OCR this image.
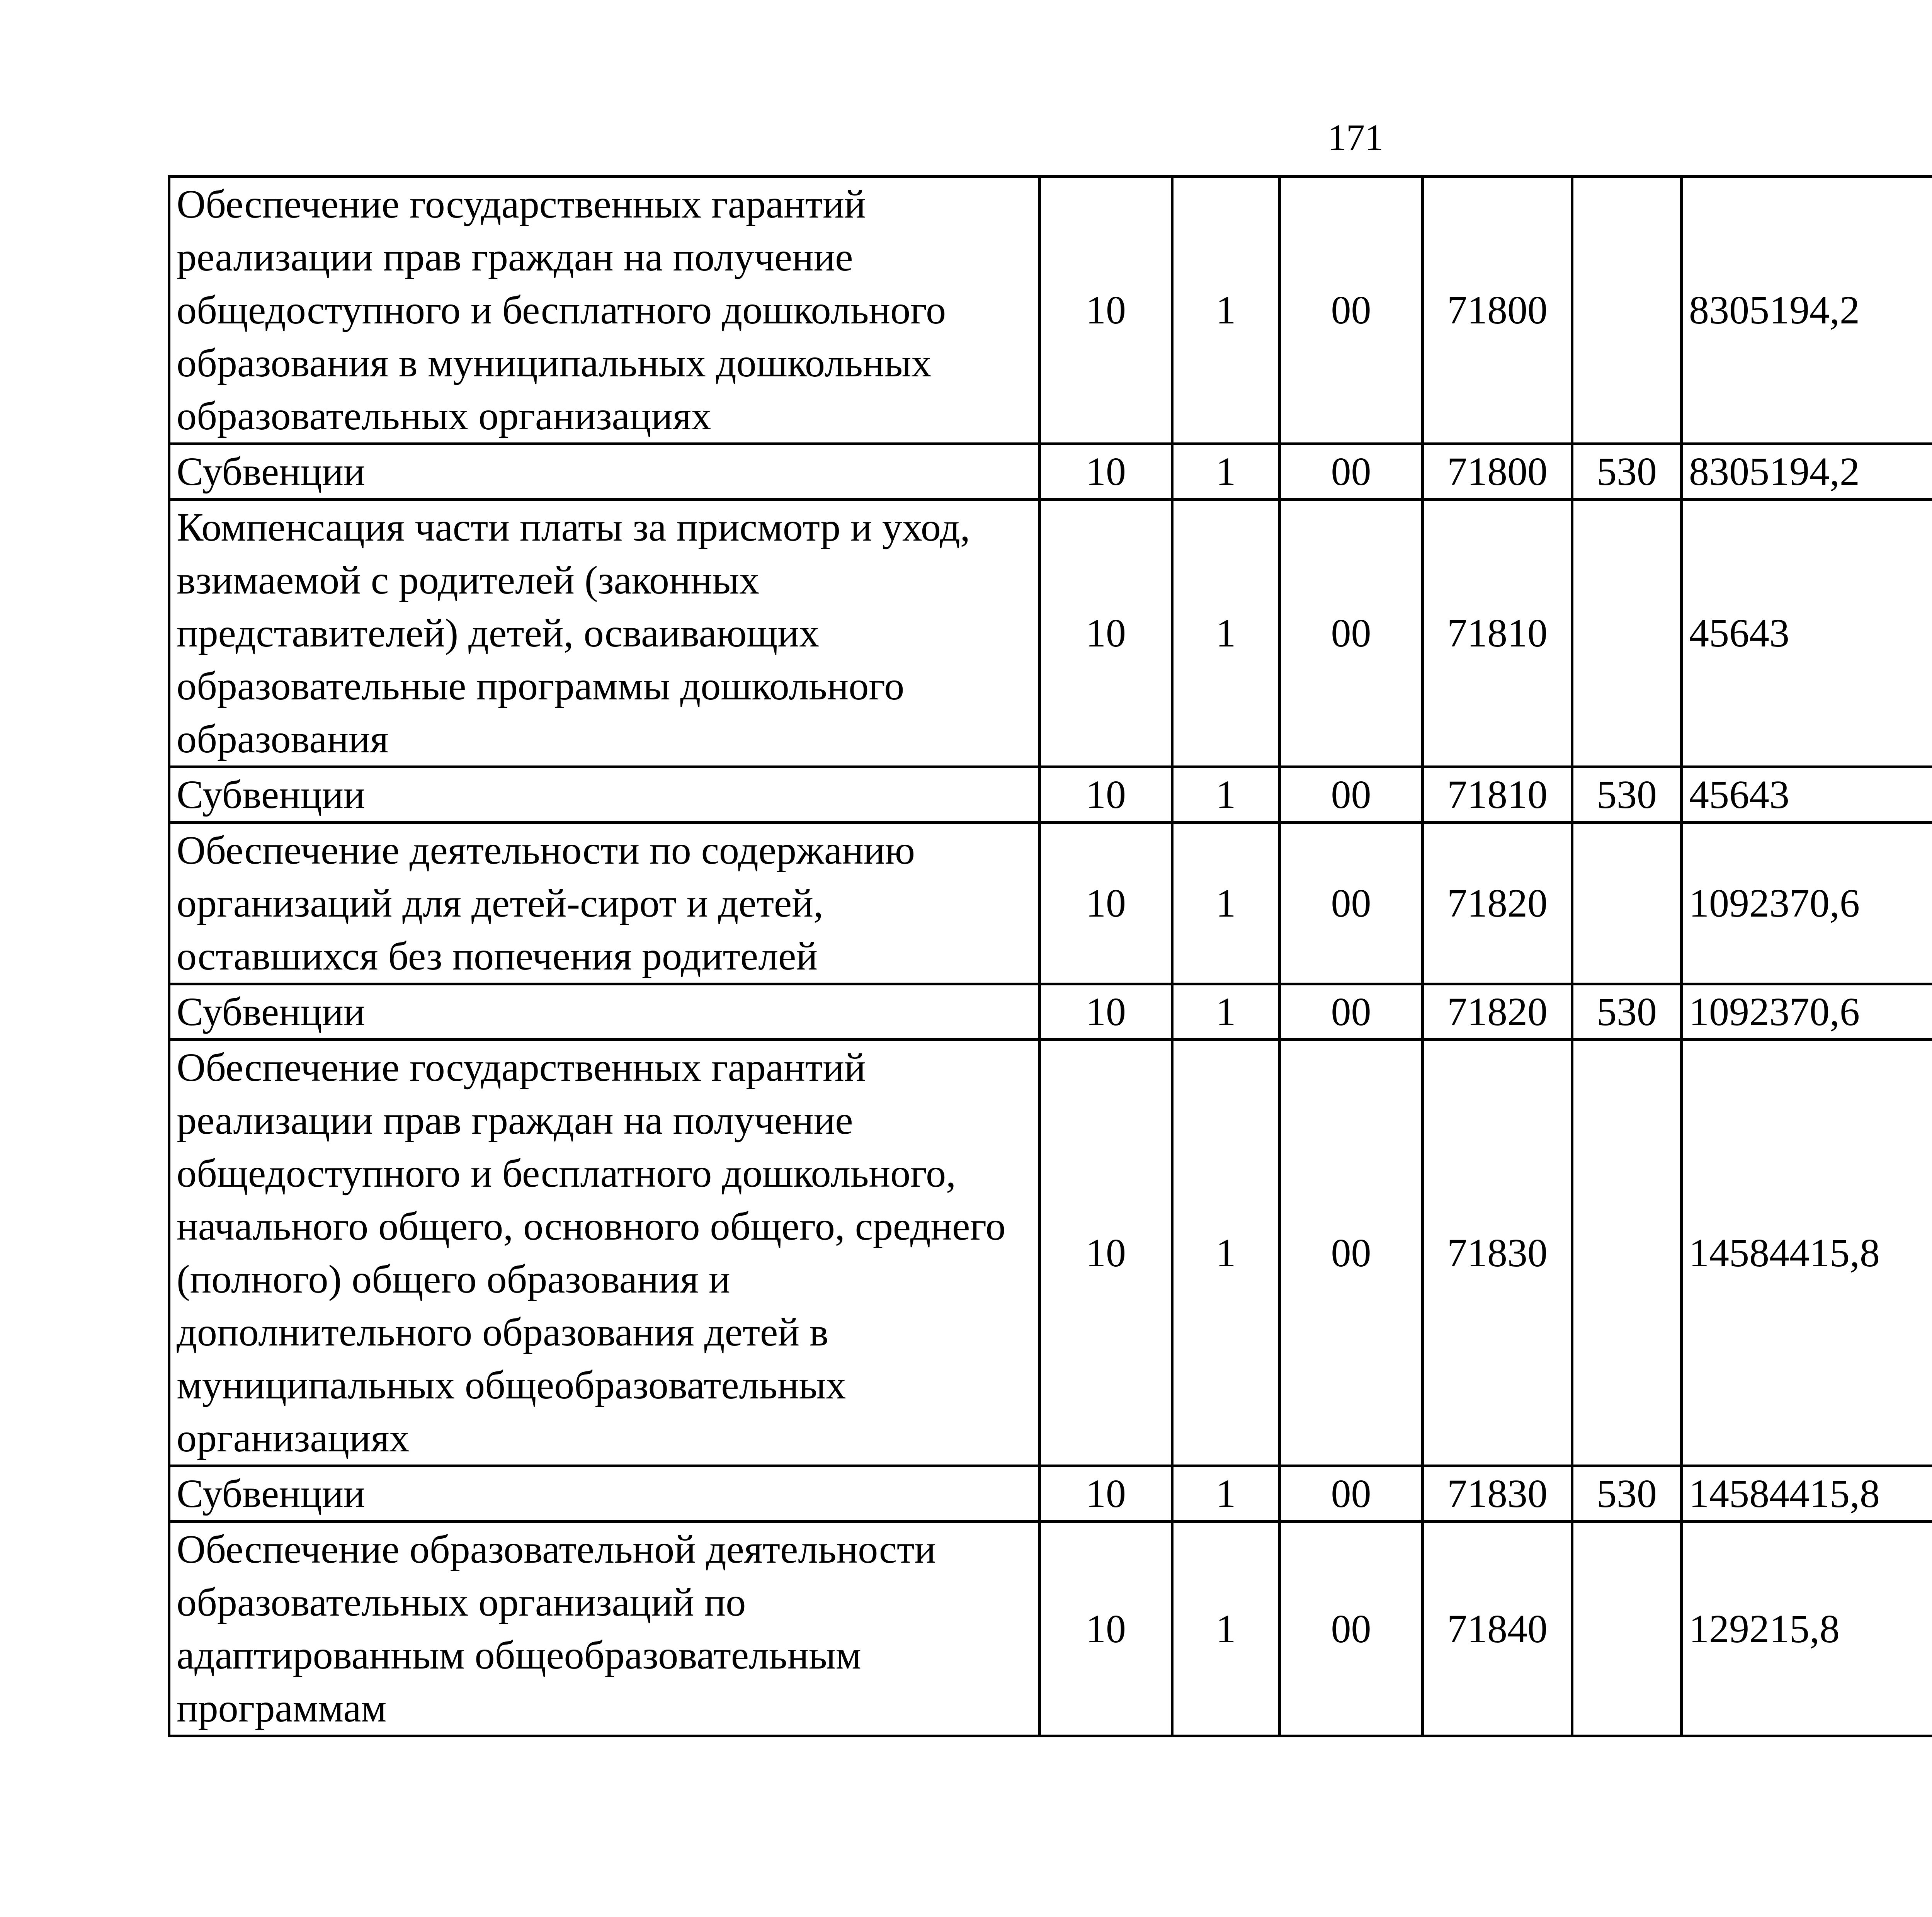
171
Обеспечение государственных гарантий реализации прав граждан на получение общедоступного и бесплатного дошкольного образования в муниципальных дошкольных образовательных организациях	10	1	00	71800		8305194,2		
Субвенции	10	1	00	71800	530	8305194,2		
Компенсация части платы за присмотр и уход, взимаемой с родителей (законных представителей) детей, осваивающих образовательные программы дошкольного образования	10	1	00	71810		45643		
Субвенции	10	1	00	71810	530	45643		
Обеспечение деятельности по содержанию организаций для детей-сирот и детей, оставшихся без попечения родителей	10	1	00	71820		1092370,6		
Субвенции	10	1	00	71820	530	1092370,6		
Обеспечение государственных гарантий реализации прав граждан на получение общедоступного и бесплатного дошкольного, начального общего, основного общего, среднего (полного) общего образования и дополнительного образования детей в муниципальных общеобразовательных организациях	10	1	00	71830		14584415,8		
Субвенции	10	1	00	71830	530	14584415,8		
Обеспечение образовательной деятельности образовательных организаций по адаптированным общеобразовательным программам	10	1	00	71840		129215,8		
